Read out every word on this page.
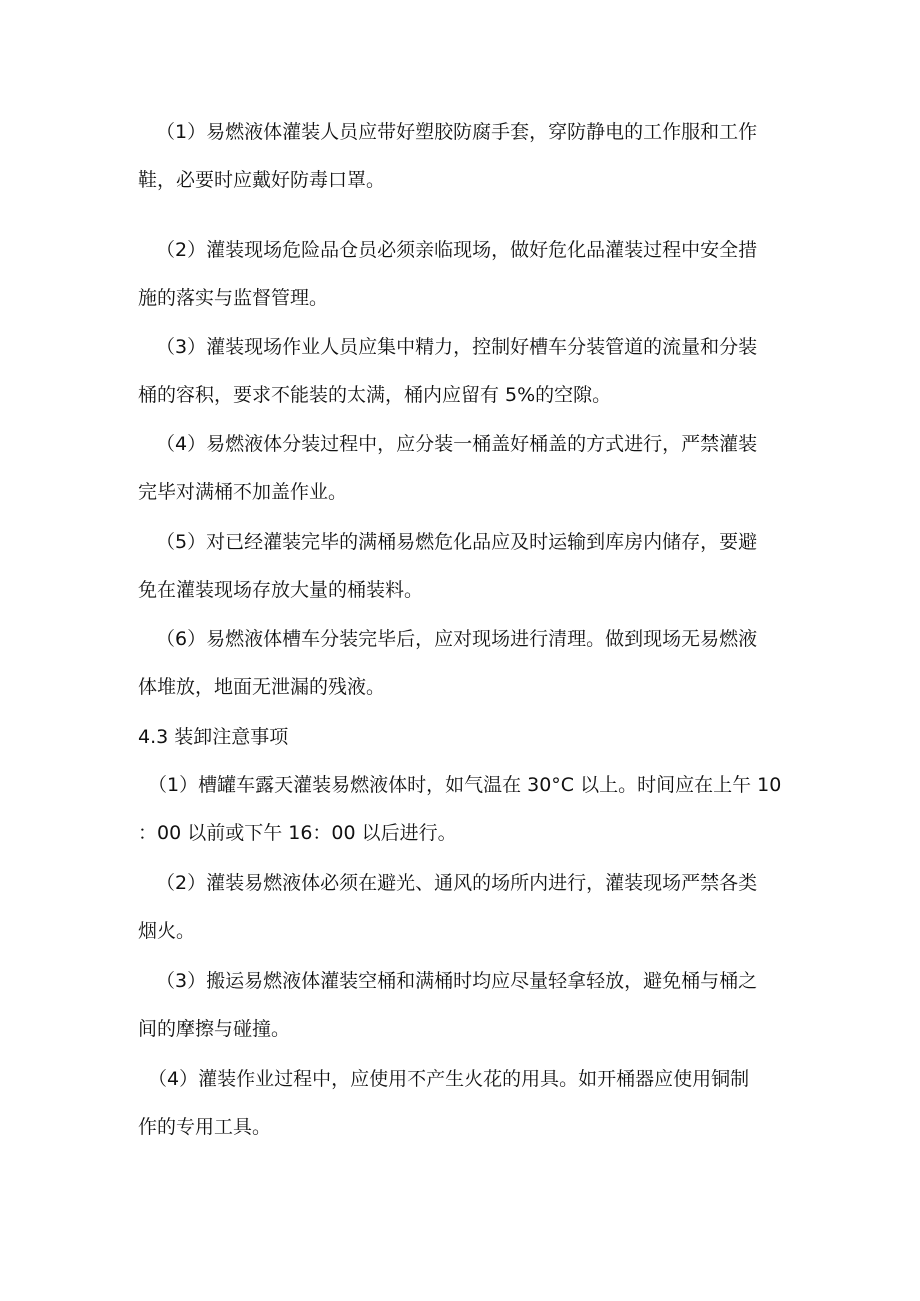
（1）易燃液体灌装人员应带好塑胶防腐手套，穿防静电的工作服和工作
鞋，必要时应戴好防毒口罩。
（2）灌装现场危险品仓员必须亲临现场，做好危化品灌装过程中安全措
施的落实与监督管理。
（3）灌装现场作业人员应集中精力，控制好槽车分装管道的流量和分装
桶的容积，要求不能装的太满，桶内应留有 5%的空隙。
（4）易燃液体分装过程中，应分装一桶盖好桶盖的方式进行，严禁灌装
完毕对满桶不加盖作业。
（5）对已经灌装完毕的满桶易燃危化品应及时运输到库房内储存，要避
免在灌装现场存放大量的桶装料。
（6）易燃液体槽车分装完毕后，应对现场进行清理。做到现场无易燃液
体堆放，地面无泄漏的残液。
4.3 装卸注意事项
（1）槽罐车露天灌装易燃液体时，如气温在 30°C 以上。时间应在上午 10
：00 以前或下午 16：00 以后进行。
（2）灌装易燃液体必须在避光、通风的场所内进行，灌装现场严禁各类
烟火。
（3）搬运易燃液体灌装空桶和满桶时均应尽量轻拿轻放，避免桶与桶之
间的摩擦与碰撞。
（4）灌装作业过程中，应使用不产生火花的用具。如开桶器应使用铜制
作的专用工具。
